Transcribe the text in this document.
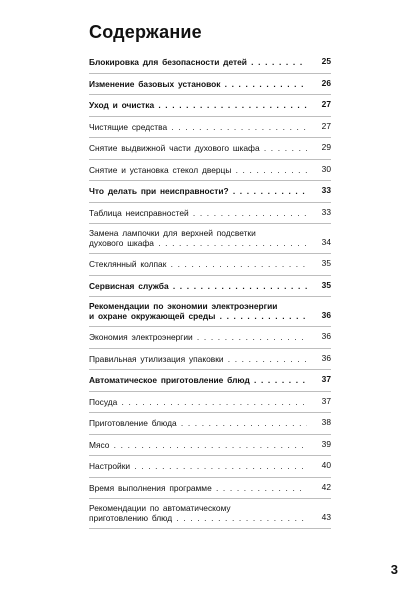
Содержание
Блокировка для безопасности детей . . .	25
Изменение базовых установок . . .	26
Уход и очистка . . .	27
Чистящие средства . . .	27
Снятие выдвижной части духового шкафа . . .	29
Снятие и установка стекол дверцы . . .	30
Что делать при неисправности? . . .	33
Таблица неисправностей . . .	33
Замена лампочки для верхней подсветки
духового шкафа . . .	34
Стеклянный колпак . . .	35
Сервисная служба . . .	35
Рекомендации по экономии электроэнергии
и охране окружающей среды . . .	36
Экономия электроэнергии . . .	36
Правильная утилизация упаковки . . .	36
Автоматическое приготовление блюд . . .	37
Посуда . . .	37
Приготовление блюда . . .	38
Мясо . . .	39
Настройки . . .	40
Время выполнения программе . . .	42
Рекомендации по автоматическому
приготовлению блюд . . .	43
3
